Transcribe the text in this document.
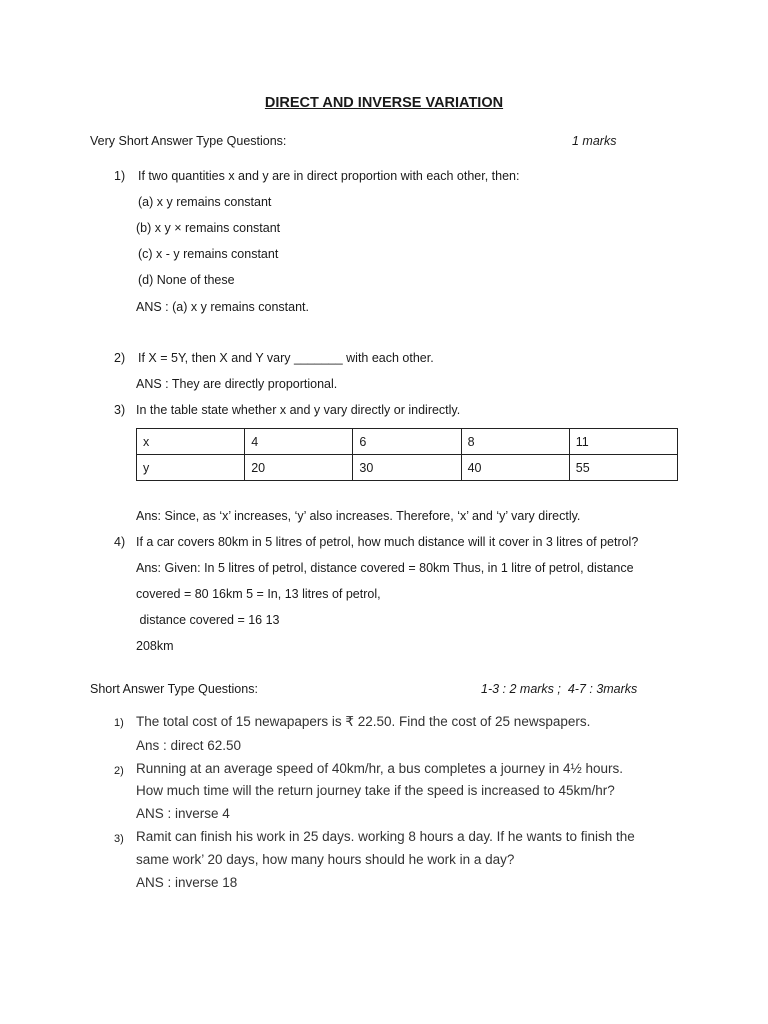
DIRECT AND INVERSE VARIATION
Very Short Answer Type Questions:	1 marks
1) If two quantities x and y are in direct proportion with each other, then:
(a) x y remains constant
(b) x y × remains constant
(c) x - y remains constant
(d) None of these
ANS : (a) x y remains constant.
2) If X = 5Y, then X and Y vary _______ with each other.
ANS : They are directly proportional.
3) In the table state whether x and y vary directly or indirectly.
x	4	6	8	11
y	20	30	40	55
Ans: Since, as ‘x’ increases, ‘y’ also increases. Therefore, ‘x’ and ‘y’ vary directly.
4) If a car covers 80km in 5 litres of petrol, how much distance will it cover in 3 litres of petrol?
Ans: Given: In 5 litres of petrol, distance covered = 80km Thus, in 1 litre of petrol, distance
covered = 80 16km 5 = In, 13 litres of petrol,
distance covered = 16 13
208km
Short Answer Type Questions:	1-3 : 2 marks ;  4-7 : 3marks
1) The total cost of 15 newapapers is ₹ 22.50. Find the cost of 25 newspapers.
Ans : direct 62.50
2) Running at an average speed of 40km/hr, a bus completes a journey in 4½ hours.
How much time will the return journey take if the speed is increased to 45km/hr?
ANS : inverse 4
3) Ramit can finish his work in 25 days. working 8 hours a day. If he wants to finish the
same work’ 20 days, how many hours should he work in a day?
ANS : inverse 18
